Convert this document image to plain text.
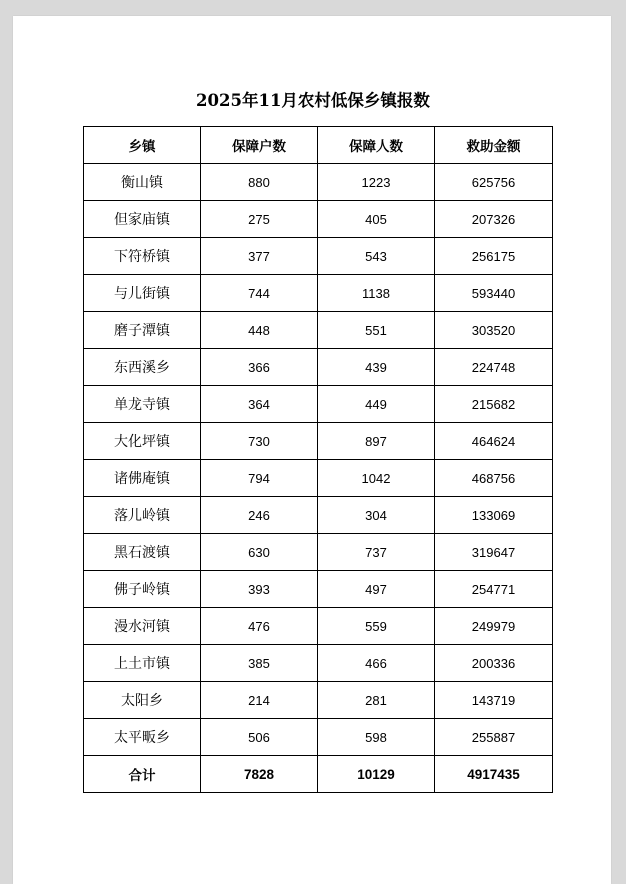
2025年11月农村低保乡镇报数
乡镇	保障户数	保障人数	救助金额
衡山镇	880	1223	625756
但家庙镇	275	405	207326
下符桥镇	377	543	256175
与儿街镇	744	1138	593440
磨子潭镇	448	551	303520
东西溪乡	366	439	224748
单龙寺镇	364	449	215682
大化坪镇	730	897	464624
诸佛庵镇	794	1042	468756
落儿岭镇	246	304	133069
黑石渡镇	630	737	319647
佛子岭镇	393	497	254771
漫水河镇	476	559	249979
上土市镇	385	466	200336
太阳乡	214	281	143719
太平畈乡	506	598	255887
合计	7828	10129	4917435
